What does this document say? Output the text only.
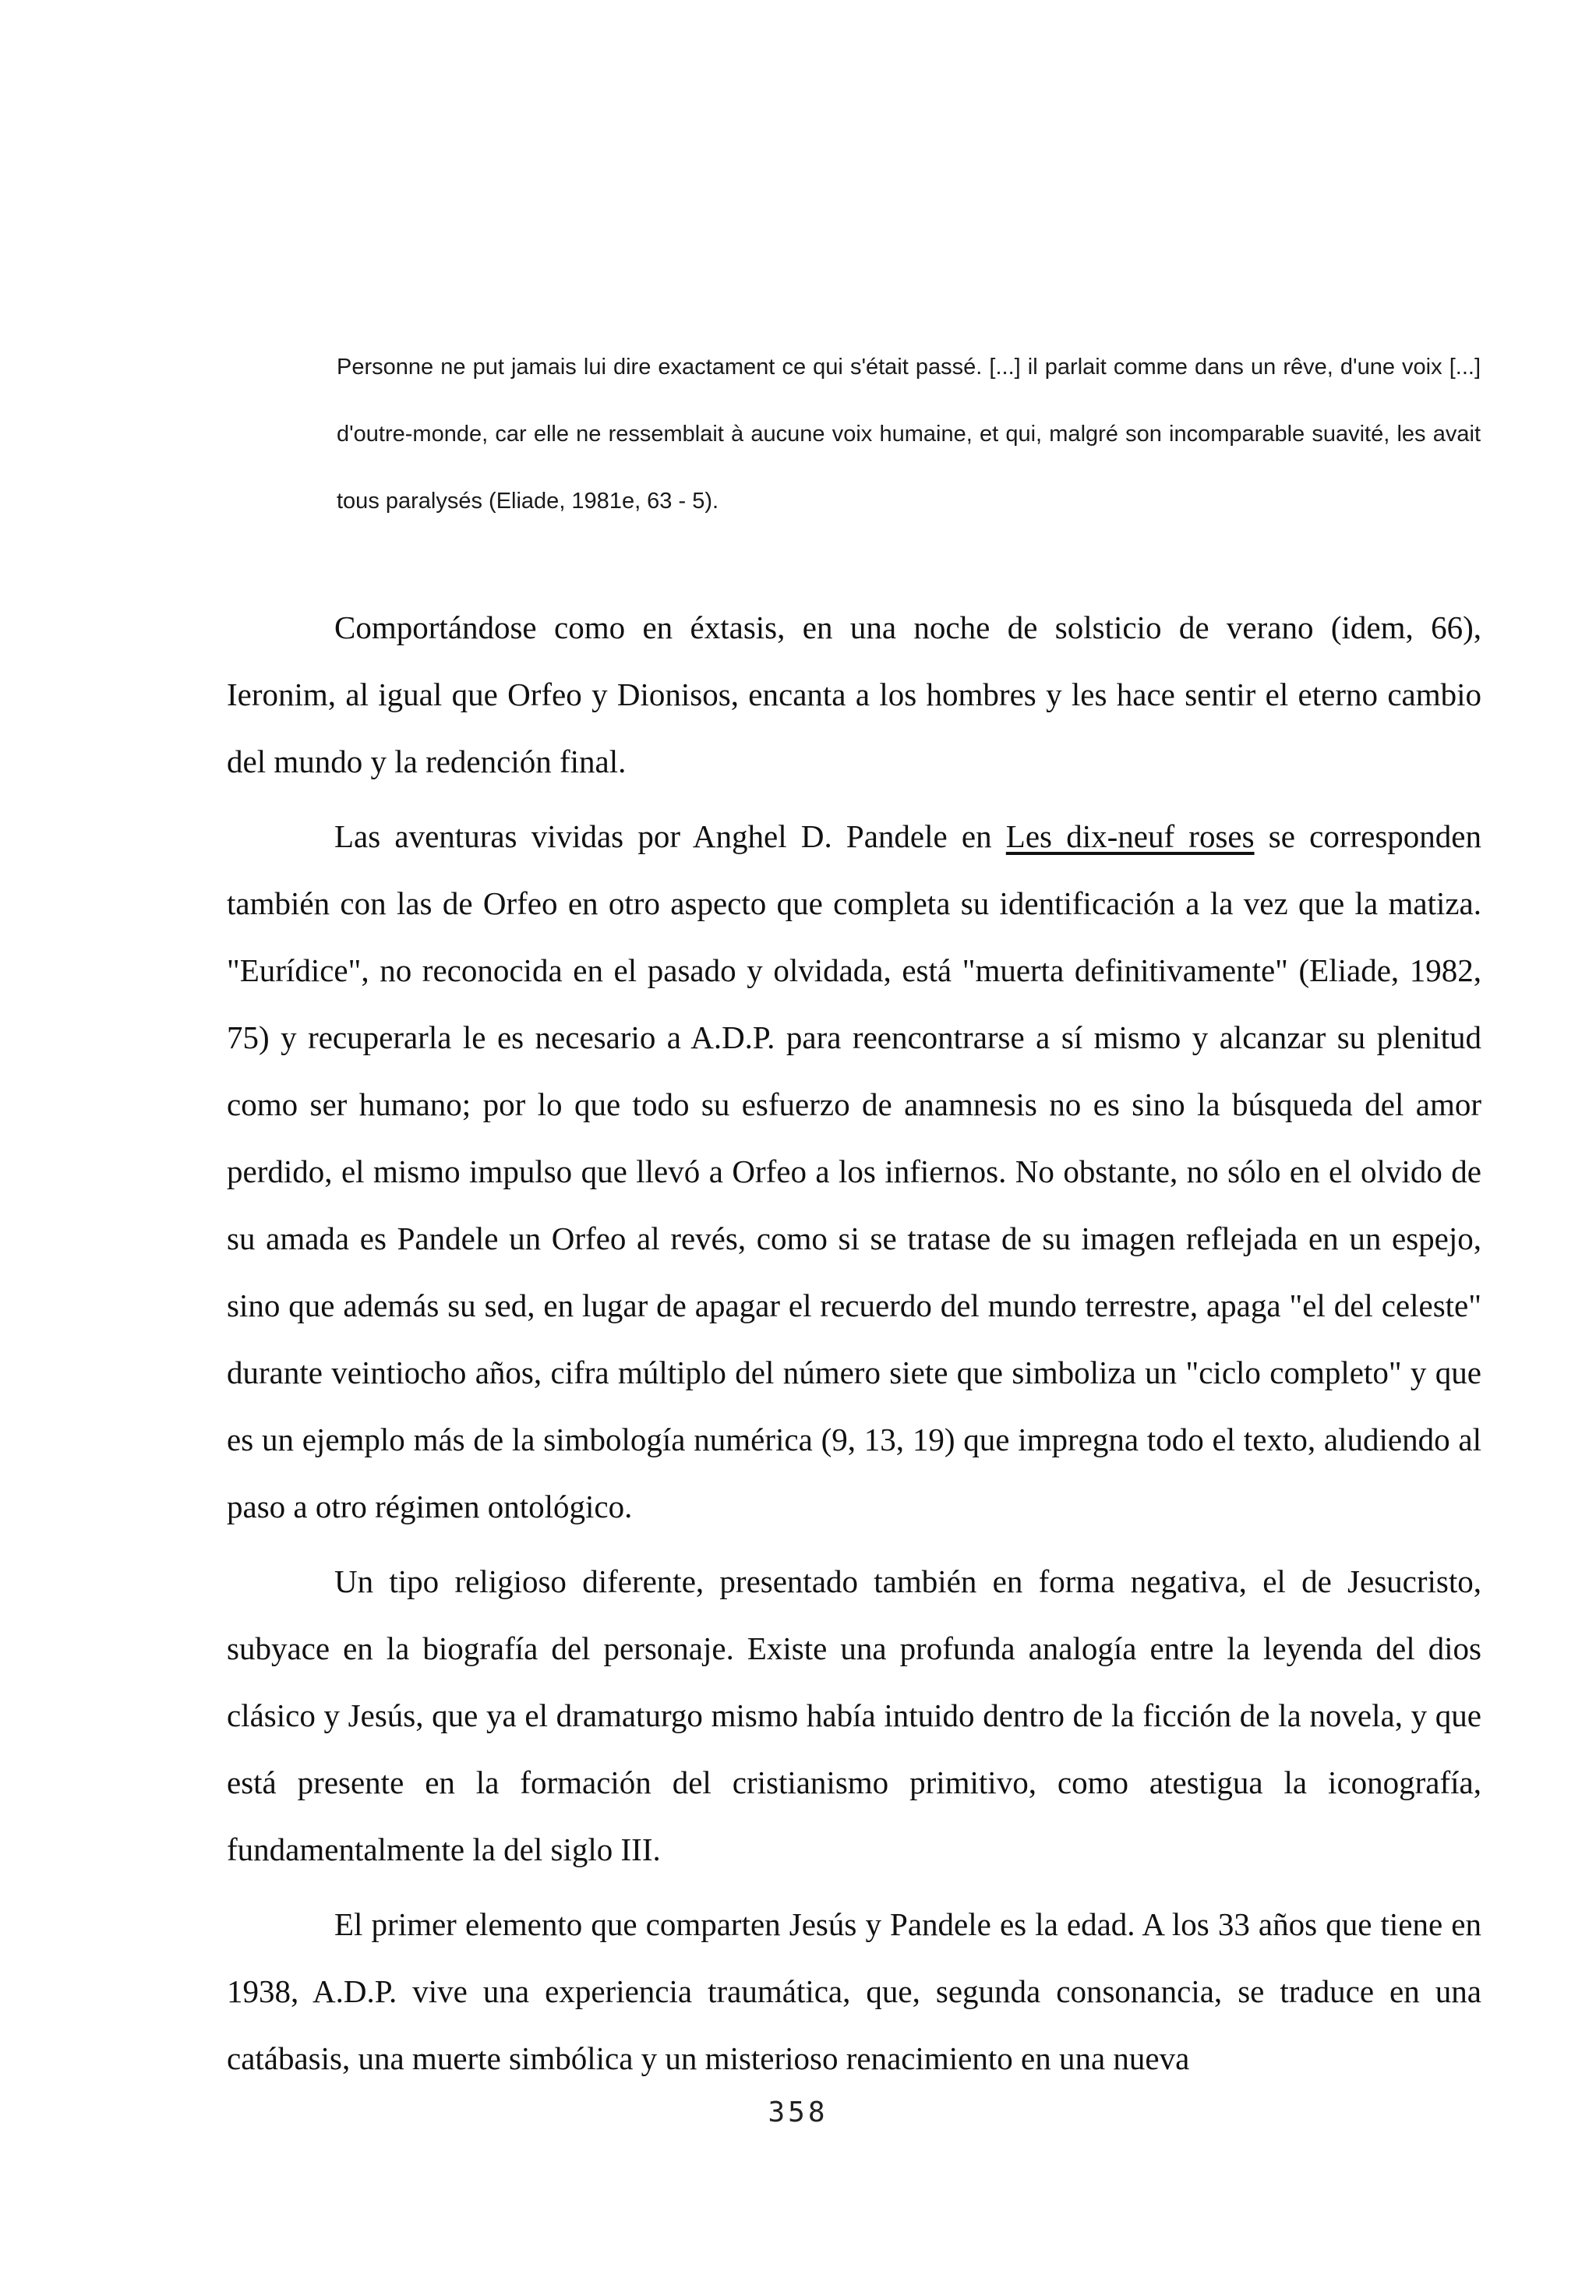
Personne ne put jamais lui dire exactament ce qui s'était passé. [...] il parlait comme dans un rêve, d'une voix [...] d'outre-monde, car elle ne ressemblait à aucune voix humaine, et qui, malgré son incomparable suavité, les avait tous paralysés (Eliade, 1981e, 63 - 5).

Comportándose como en éxtasis, en una noche de solsticio de verano (idem, 66), Ieronim, al igual que Orfeo y Dionisos, encanta a los hombres y les hace sentir el eterno cambio del mundo y la redención final.

Las aventuras vividas por Anghel D. Pandele en Les dix-neuf roses se corresponden también con las de Orfeo en otro aspecto que completa su identificación a la vez que la matiza. "Eurídice", no reconocida en el pasado y olvidada, está "muerta definitivamente" (Eliade, 1982, 75) y recuperarla le es necesario a A.D.P. para reencontrarse a sí mismo y alcanzar su plenitud como ser humano; por lo que todo su esfuerzo de anamnesis no es sino la búsqueda del amor perdido, el mismo impulso que llevó a Orfeo a los infiernos. No obstante, no sólo en el olvido de su amada es Pandele un Orfeo al revés, como si se tratase de su imagen reflejada en un espejo, sino que además su sed, en lugar de apagar el recuerdo del mundo terrestre, apaga "el del celeste" durante veintiocho años, cifra múltiplo del número siete que simboliza un "ciclo completo" y que es un ejemplo más de la simbología numérica (9, 13, 19) que impregna todo el texto, aludiendo al paso a otro régimen ontológico.

Un tipo religioso diferente, presentado también en forma negativa, el de Jesucristo, subyace en la biografía del personaje. Existe una profunda analogía entre la leyenda del dios clásico y Jesús, que ya el dramaturgo mismo había intuido dentro de la ficción de la novela, y que está presente en la formación del cristianismo primitivo, como atestigua la iconografía, fundamentalmente la del siglo III.

El primer elemento que comparten Jesús y Pandele es la edad. A los 33 años que tiene en 1938, A.D.P. vive una experiencia traumática, que, segunda consonancia, se traduce en una catábasis, una muerte simbólica y un misterioso renacimiento en una nueva

358
